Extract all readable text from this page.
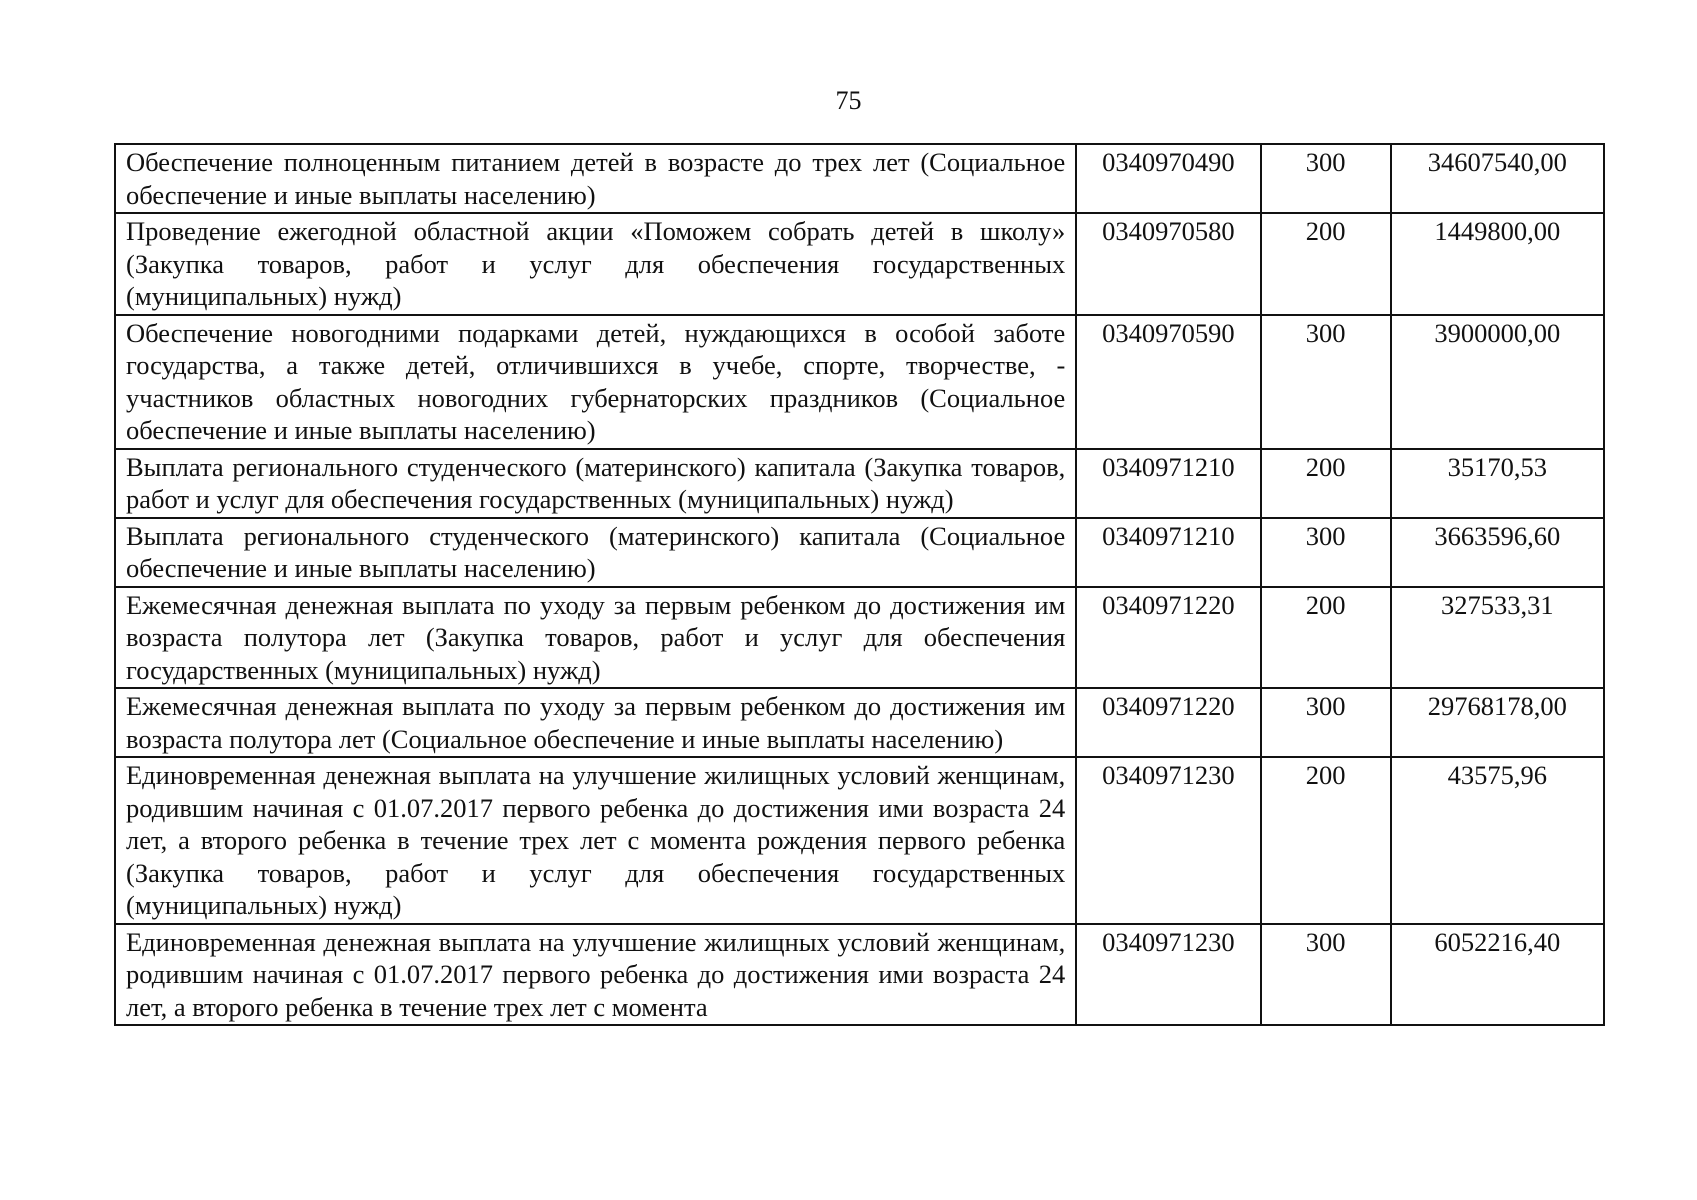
75
Обеспечение полноценным питанием детей в возрасте до трех лет (Социальное обеспечение и иные выплаты населению)	0340970490	300	34607540,00
Проведение ежегодной областной акции «Поможем собрать детей в школу» (Закупка товаров, работ и услуг для обеспечения государственных (муниципальных) нужд)	0340970580	200	1449800,00
Обеспечение новогодними подарками детей, нуждающихся в особой заботе государства, а также детей, отличившихся в учебе, спорте, творчестве, - участников областных новогодних губернаторских праздников (Социальное обеспечение и иные выплаты населению)	0340970590	300	3900000,00
Выплата регионального студенческого (материнского) капитала (Закупка товаров, работ и услуг для обеспечения государственных (муниципальных) нужд)	0340971210	200	35170,53
Выплата регионального студенческого (материнского) капитала (Социальное обеспечение и иные выплаты населению)	0340971210	300	3663596,60
Ежемесячная денежная выплата по уходу за первым ребенком до достижения им возраста полутора лет (Закупка товаров, работ и услуг для обеспечения государственных (муниципальных) нужд)	0340971220	200	327533,31
Ежемесячная денежная выплата по уходу за первым ребенком до достижения им возраста полутора лет (Социальное обеспечение и иные выплаты населению)	0340971220	300	29768178,00
Единовременная денежная выплата на улучшение жилищных условий женщинам, родившим начиная с 01.07.2017 первого ребенка до достижения ими возраста 24 лет, а второго ребенка в течение трех лет с момента рождения первого ребенка (Закупка товаров, работ и услуг для обеспечения государственных (муниципальных) нужд)	0340971230	200	43575,96
Единовременная денежная выплата на улучшение жилищных условий женщинам, родившим начиная с 01.07.2017 первого ребенка до достижения ими возраста 24 лет, а второго ребенка в течение трех лет с момента	0340971230	300	6052216,40
